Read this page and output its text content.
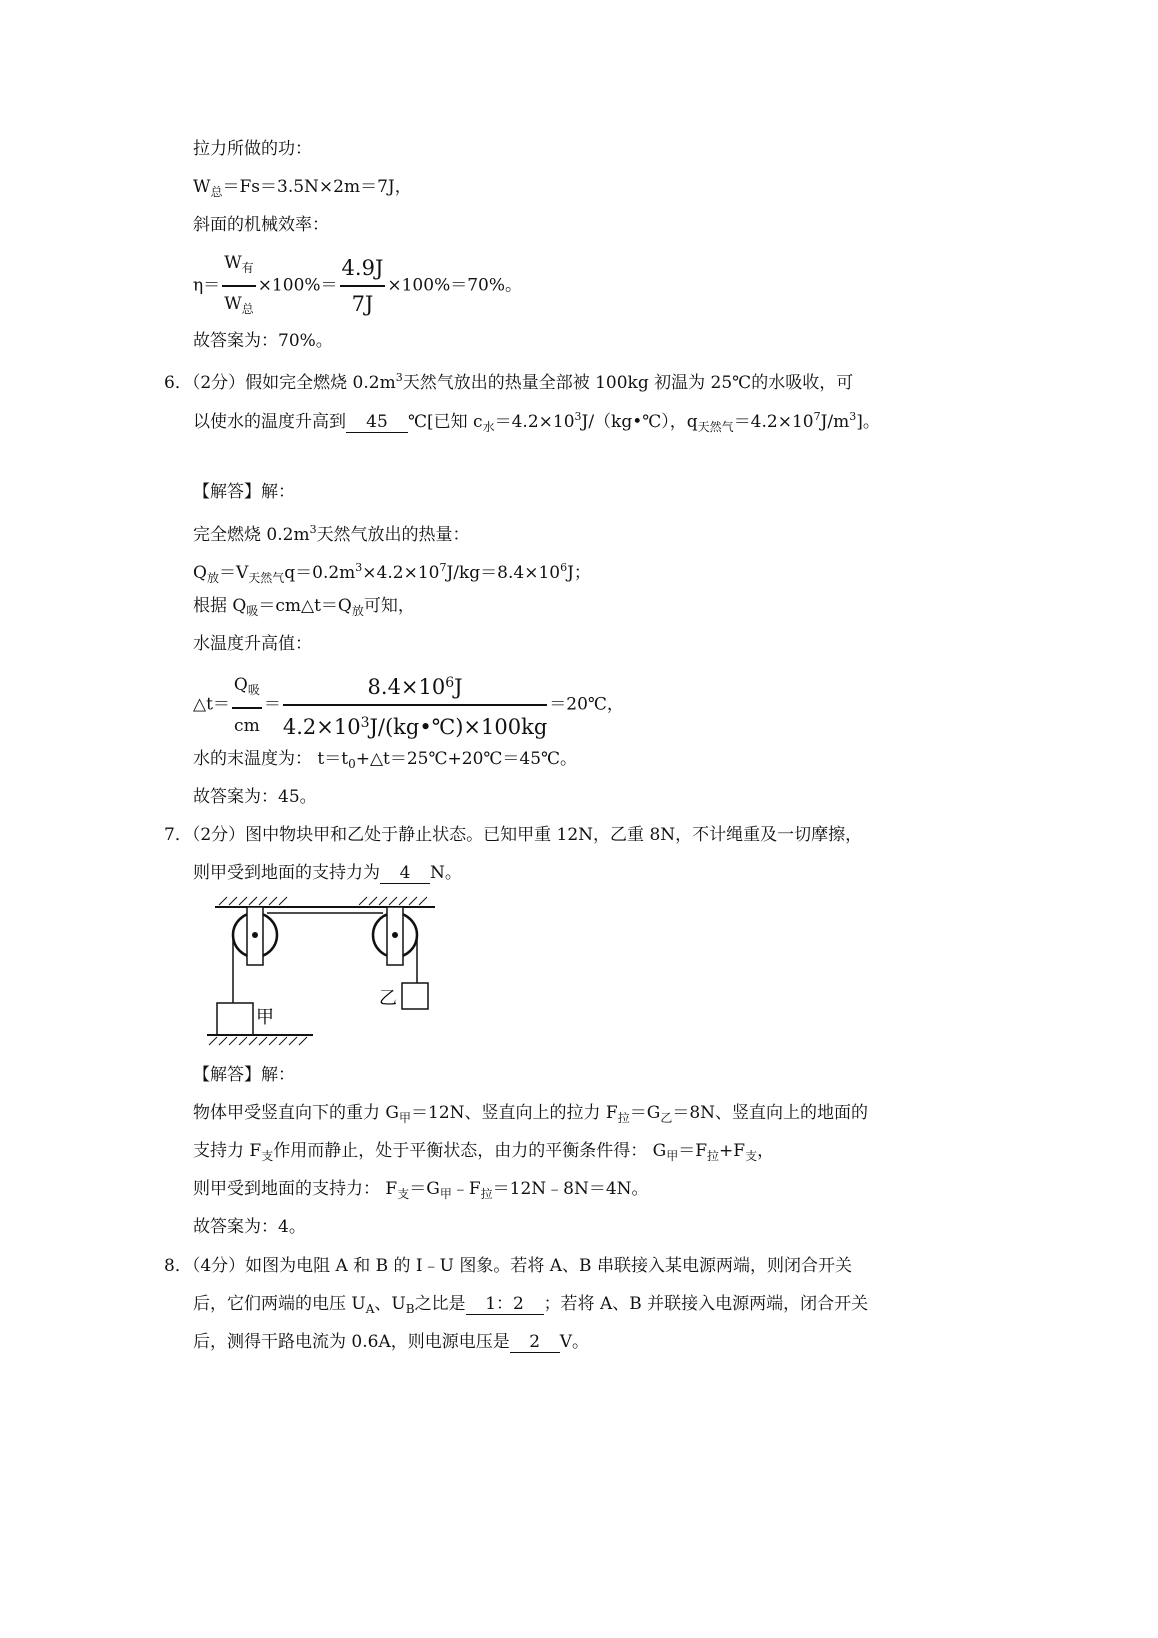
拉力所做的功：
$W_总=Fs=3.5N\times 2m=7J$，
斜面的机械效率：
$\eta= \frac{W_有}{W_总} \times 100\%= \frac{4.9J}{7J} \times 100\%=70\%$。
故答案为：70%。
6．（2分）假如完全燃烧 $0.2m^3$天然气放出的热量全部被 100kg 初温为 25℃的水吸收，可
以使水的温度升高到 45 ℃[已知 $c_水=4.2\times 10^3J/(kg•℃)$，$q_{天然气}=4.2\times 10^7J/m^3$]。
【解答】解：
完全燃烧 $0.2m^3$天然气放出的热量：
$Q_放=V_{天然气}q=0.2m^3\times 4.2\times 10^7J/kg=8.4\times 10^6J$；
根据 $Q_吸=cm\triangle t=Q_放$可知，
水温度升高值：
△t＝ $\frac{Q_吸}{cm} = \frac{8.4\times 10^6J}{4.2\times 10^3J/(kg•℃)\times 100kg}$ ＝20℃，
水的末温度为： $t=t_0+\triangle t=25℃+20℃=45℃$。
故答案为：45。
7．（2分）图中物块甲和乙处于静止状态。已知甲重 12N，乙重 8N，不计绳重及一切摩擦，
则甲受到地面的支持力为 4 N。
乙
甲
【解答】解：
物体甲受竖直向下的重力 $G_甲=12N$、竖直向上的拉力 $F_拉=G_乙=8N$、竖直向上的地面的
支持力 $F_支$作用而静止，处于平衡状态，由力的平衡条件得： $G_甲=F_拉+F_支$，
则甲受到地面的支持力： $F_支=G_甲﹣F_拉=12N﹣8N=4N$。
故答案为：4。
8．（4分）如图为电阻 A 和 B 的 I﹣U 图象。若将 A、B 串联接入某电源两端，则闭合开关
后，它们两端的电压 $U_A$、$U_B$之比是 1：2 ；若将 A、B 并联接入电源两端，闭合开关
后，测得干路电流为 0.6A，则电源电压是 2 V。
